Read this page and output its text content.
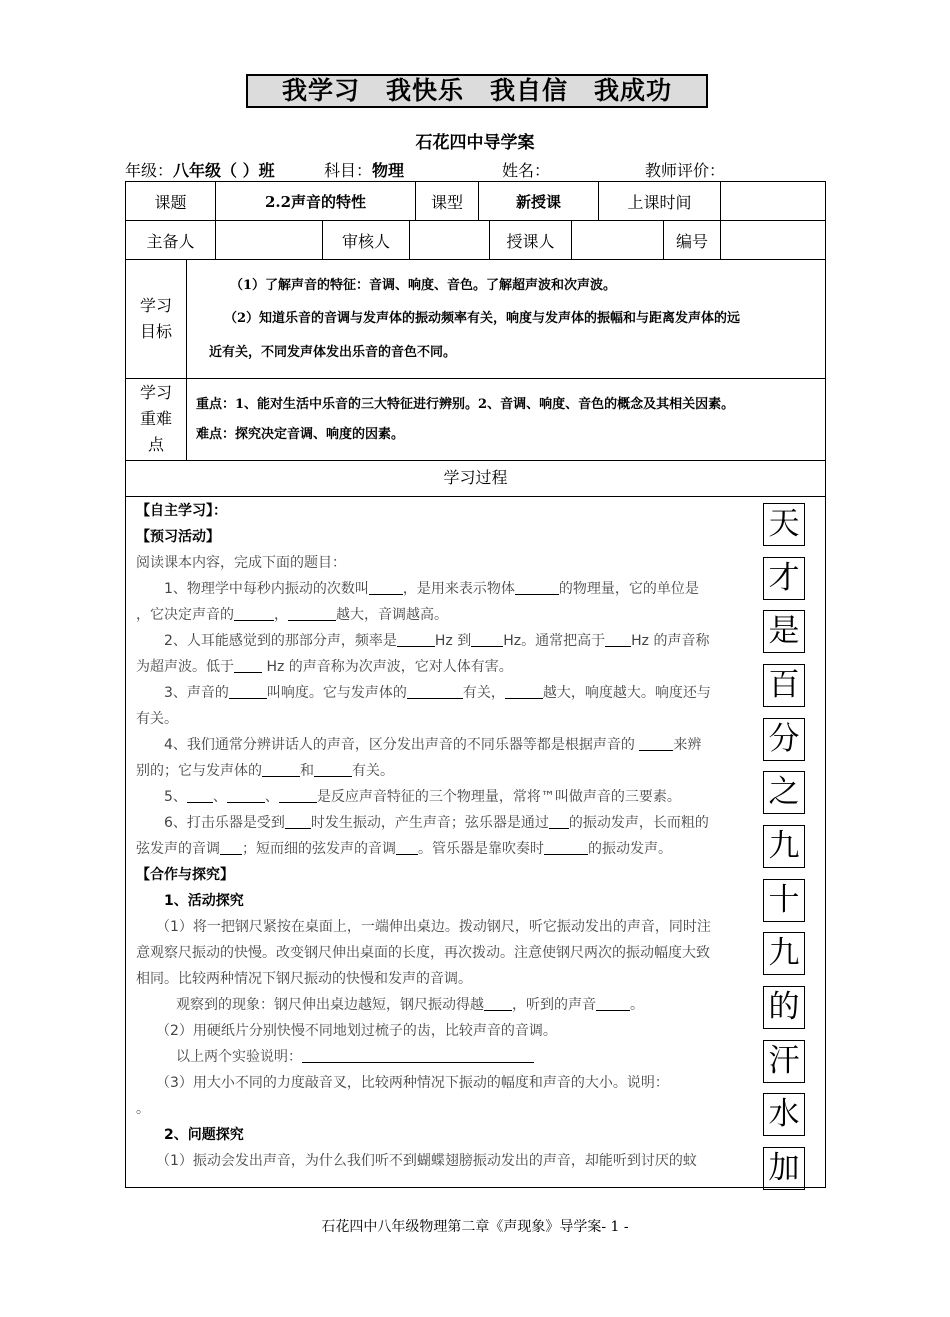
我学习 我快乐 我自信 我成功
石花四中导学案
年级：八年级（ ）班	科目：物理	姓名：	教师评价：
课题	2.2声音的特性	课型	新授课	上课时间	
主备人		审核人		授课人		编号	
学习目标
（1）了解声音的特征：音调、响度、音色。了解超声波和次声波。
（2）知道乐音的音调与发声体的振动频率有关，响度与发声体的振幅和与距离发声体的远
近有关，不同发声体发出乐音的音色不同。
学习重难点
重点：1、能对生活中乐音的三大特征进行辨别。2、音调、响度、音色的概念及其相关因素。
难点：探究决定音调、响度的因素。
学习过程

【自主学习】：

【预习活动】

阅读课本内容，完成下面的题目：

1、物理学中每秒内振动的次数叫 ，是用来表示物体	的物理量，它的单位是

，它决定声音的	，	越大，音调越高。

2、人耳能感觉到的那部分声，频率是	Hz 到 Hz。通常把高于 Hz 的声音称

为超声波。低于 Hz 的声音称为次声波，它对人体有害。

3、声音的	叫响度。它与发声体的	有关，	越大，响度越大。响度还与

有关。

4、我们通常分辨讲话人的声音，区分发出声音的不同乐器等都是根据声音的 来辨

别的；它与发声体的	和	有关。

5、 、	、	是反应声音特征的三个物理量，常将™叫做声音的三要素。

6、打击乐器是受到 时发生振动，产生声音；弦乐器是通过 的振动发声，长而粗的

弦发声的音调 ；短而细的弦发声的音调 。管乐器是靠吹奏时	的振动发声。

【合作与探究】

1、活动探究

（1）将一把钢尺紧按在桌面上，一端伸出桌边。拨动钢尺，听它振动发出的声音，同时注

意观察尺振动的快慢。改变钢尺伸出桌面的长度，再次拨动。注意使钢尺两次的振动幅度大致

相同。比较两种情况下钢尺振动的快慢和发声的音调。

观察到的现象：钢尺伸出桌边越短，钢尺振动得越 ，听到的声音 。

（2）用硬纸片分别快慢不同地划过梳子的齿，比较声音的音调。

以上两个实验说明：

（3）用大小不同的力度敲音叉，比较两种情况下振动的幅度和声音的大小。说明：

。

2、问题探究

（1）振动会发出声音，为什么我们听不到蝴蝶翅膀振动发出的声音，却能听到讨厌的蚊

天
才
是
百
分
之
九
十
九
的
汗
水
加
石花四中八年级物理第二章《声现象》导学案- 1 -
